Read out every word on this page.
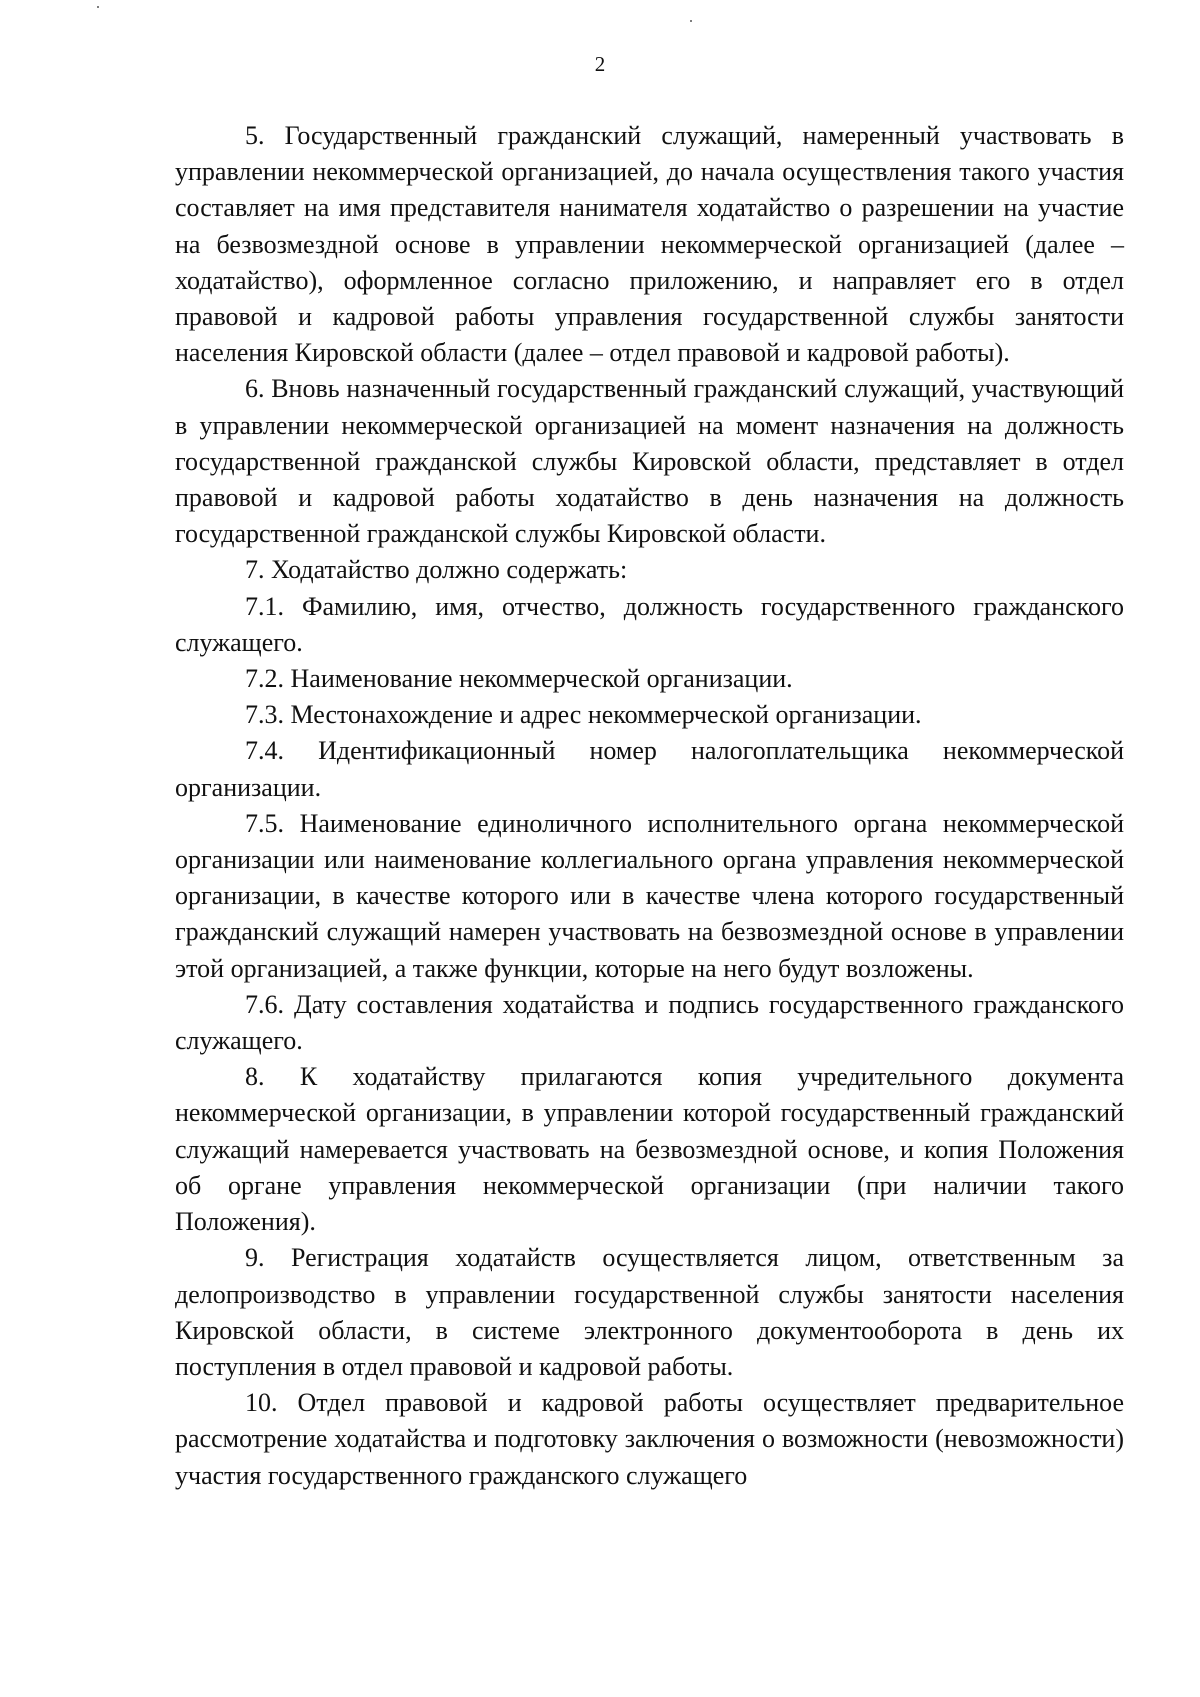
2

5. Государственный гражданский служащий, намеренный участвовать в управлении некоммерческой организацией, до начала осуществления такого участия составляет на имя представителя нанимателя ходатайство о разрешении на участие на безвозмездной основе в управлении некоммерческой организацией (далее – ходатайство), оформленное согласно приложению, и направляет его в отдел правовой и кадровой работы управления государственной службы занятости населения Кировской области (далее – отдел правовой и кадровой работы).

6. Вновь назначенный государственный гражданский служащий, участвующий в управлении некоммерческой организацией на момент назначения на должность государственной гражданской службы Кировской области, представляет в отдел правовой и кадровой работы ходатайство в день назначения на должность государственной гражданской службы Кировской области.

7. Ходатайство должно содержать:

7.1. Фамилию, имя, отчество, должность государственного гражданского служащего.

7.2. Наименование некоммерческой организации.

7.3. Местонахождение и адрес некоммерческой организации.

7.4. Идентификационный номер налогоплательщика некоммерческой организации.

7.5. Наименование единоличного исполнительного органа некоммерческой организации или наименование коллегиального органа управления некоммерческой организации, в качестве которого или в качестве члена которого государственный гражданский служащий намерен участвовать на безвозмездной основе в управлении этой организацией, а также функции, которые на него будут возложены.

7.6. Дату составления ходатайства и подпись государственного гражданского служащего.

8. К ходатайству прилагаются копия учредительного документа некоммерческой организации, в управлении которой государственный гражданский служащий намеревается участвовать на безвозмездной основе, и копия Положения об органе управления некоммерческой организации (при наличии такого Положения).

9. Регистрация ходатайств осуществляется лицом, ответственным за делопроизводство в управлении государственной службы занятости населения Кировской области, в системе электронного документооборота в день их поступления в отдел правовой и кадровой работы.

10. Отдел правовой и кадровой работы осуществляет предварительное рассмотрение ходатайства и подготовку заключения о возможности (невозможности) участия государственного гражданского служащего
